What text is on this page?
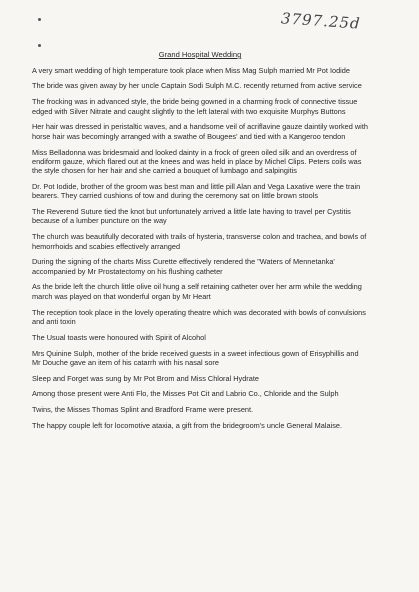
3797.25d
Grand Hospital Wedding

A very smart wedding of high temperature took place when Miss Mag Sulph married Mr Pot Iodide

The bride was given away by her uncle Captain Sodi Sulph M.C. recently returned from active service

The frocking was in advanced style, the bride being gowned in a charming frock of connective tissue edged with Silver Nitrate and caught slightly to the left lateral with two exquisite Murphys Buttons

Her hair was dressed in peristaltic waves, and a handsome veil of acriflavine gauze daintily worked with horse hair was becomingly arranged with a swathe of Bougees' and tied with a Kangeroo tendon

Miss Belladonna was bridesmaid and looked dainty in a frock of green oiled silk and an overdress of endiform gauze, which flared out at the knees and was held in place by Michel Clips. Peters coils was the style chosen for her hair and she carried a bouquet of lumbago and salpingitis

Dr. Pot Iodide, brother of the groom was best man and little pill Alan and Vega Laxative were the train bearers. They carried cushions of tow and during the ceremony sat on little brown stools

The Reverend Suture tied the knot but unfortunately arrived a little late having to travel per Cystitis because of a lumber puncture on the way

The church was beautifully decorated with trails of hysteria, transverse colon and trachea, and bowls of hemorrhoids and scabies effectively arranged

During the signing of the charts Miss Curette effectively rendered the "Waters of Mennetanka' accompanied by Mr Prostatectomy on his flushing catheter

As the bride left the church little olive oil hung a self retaining catheter over her arm while the wedding march was played on that wonderful organ by Mr Heart

The reception took place in the lovely operating theatre which was decorated with bowls of convulsions and anti toxin

The Usual toasts were honoured with Spirit of Alcohol

Mrs Quinine Sulph, mother of the bride received guests in a sweet infectious gown of Erisyphillis and Mr Douche gave an item of his catarrh with his nasal sore

Sleep and Forget was sung by Mr Pot Brom and Miss Chloral Hydrate

Among those present were Anti Flo, the Misses Pot Cit and Labrio Co., Chloride and the Sulph

Twins, the Misses Thomas Splint and Bradford Frame were present.

The happy couple left for locomotive ataxia, a gift from the bridegroom's uncle General Malaise.
